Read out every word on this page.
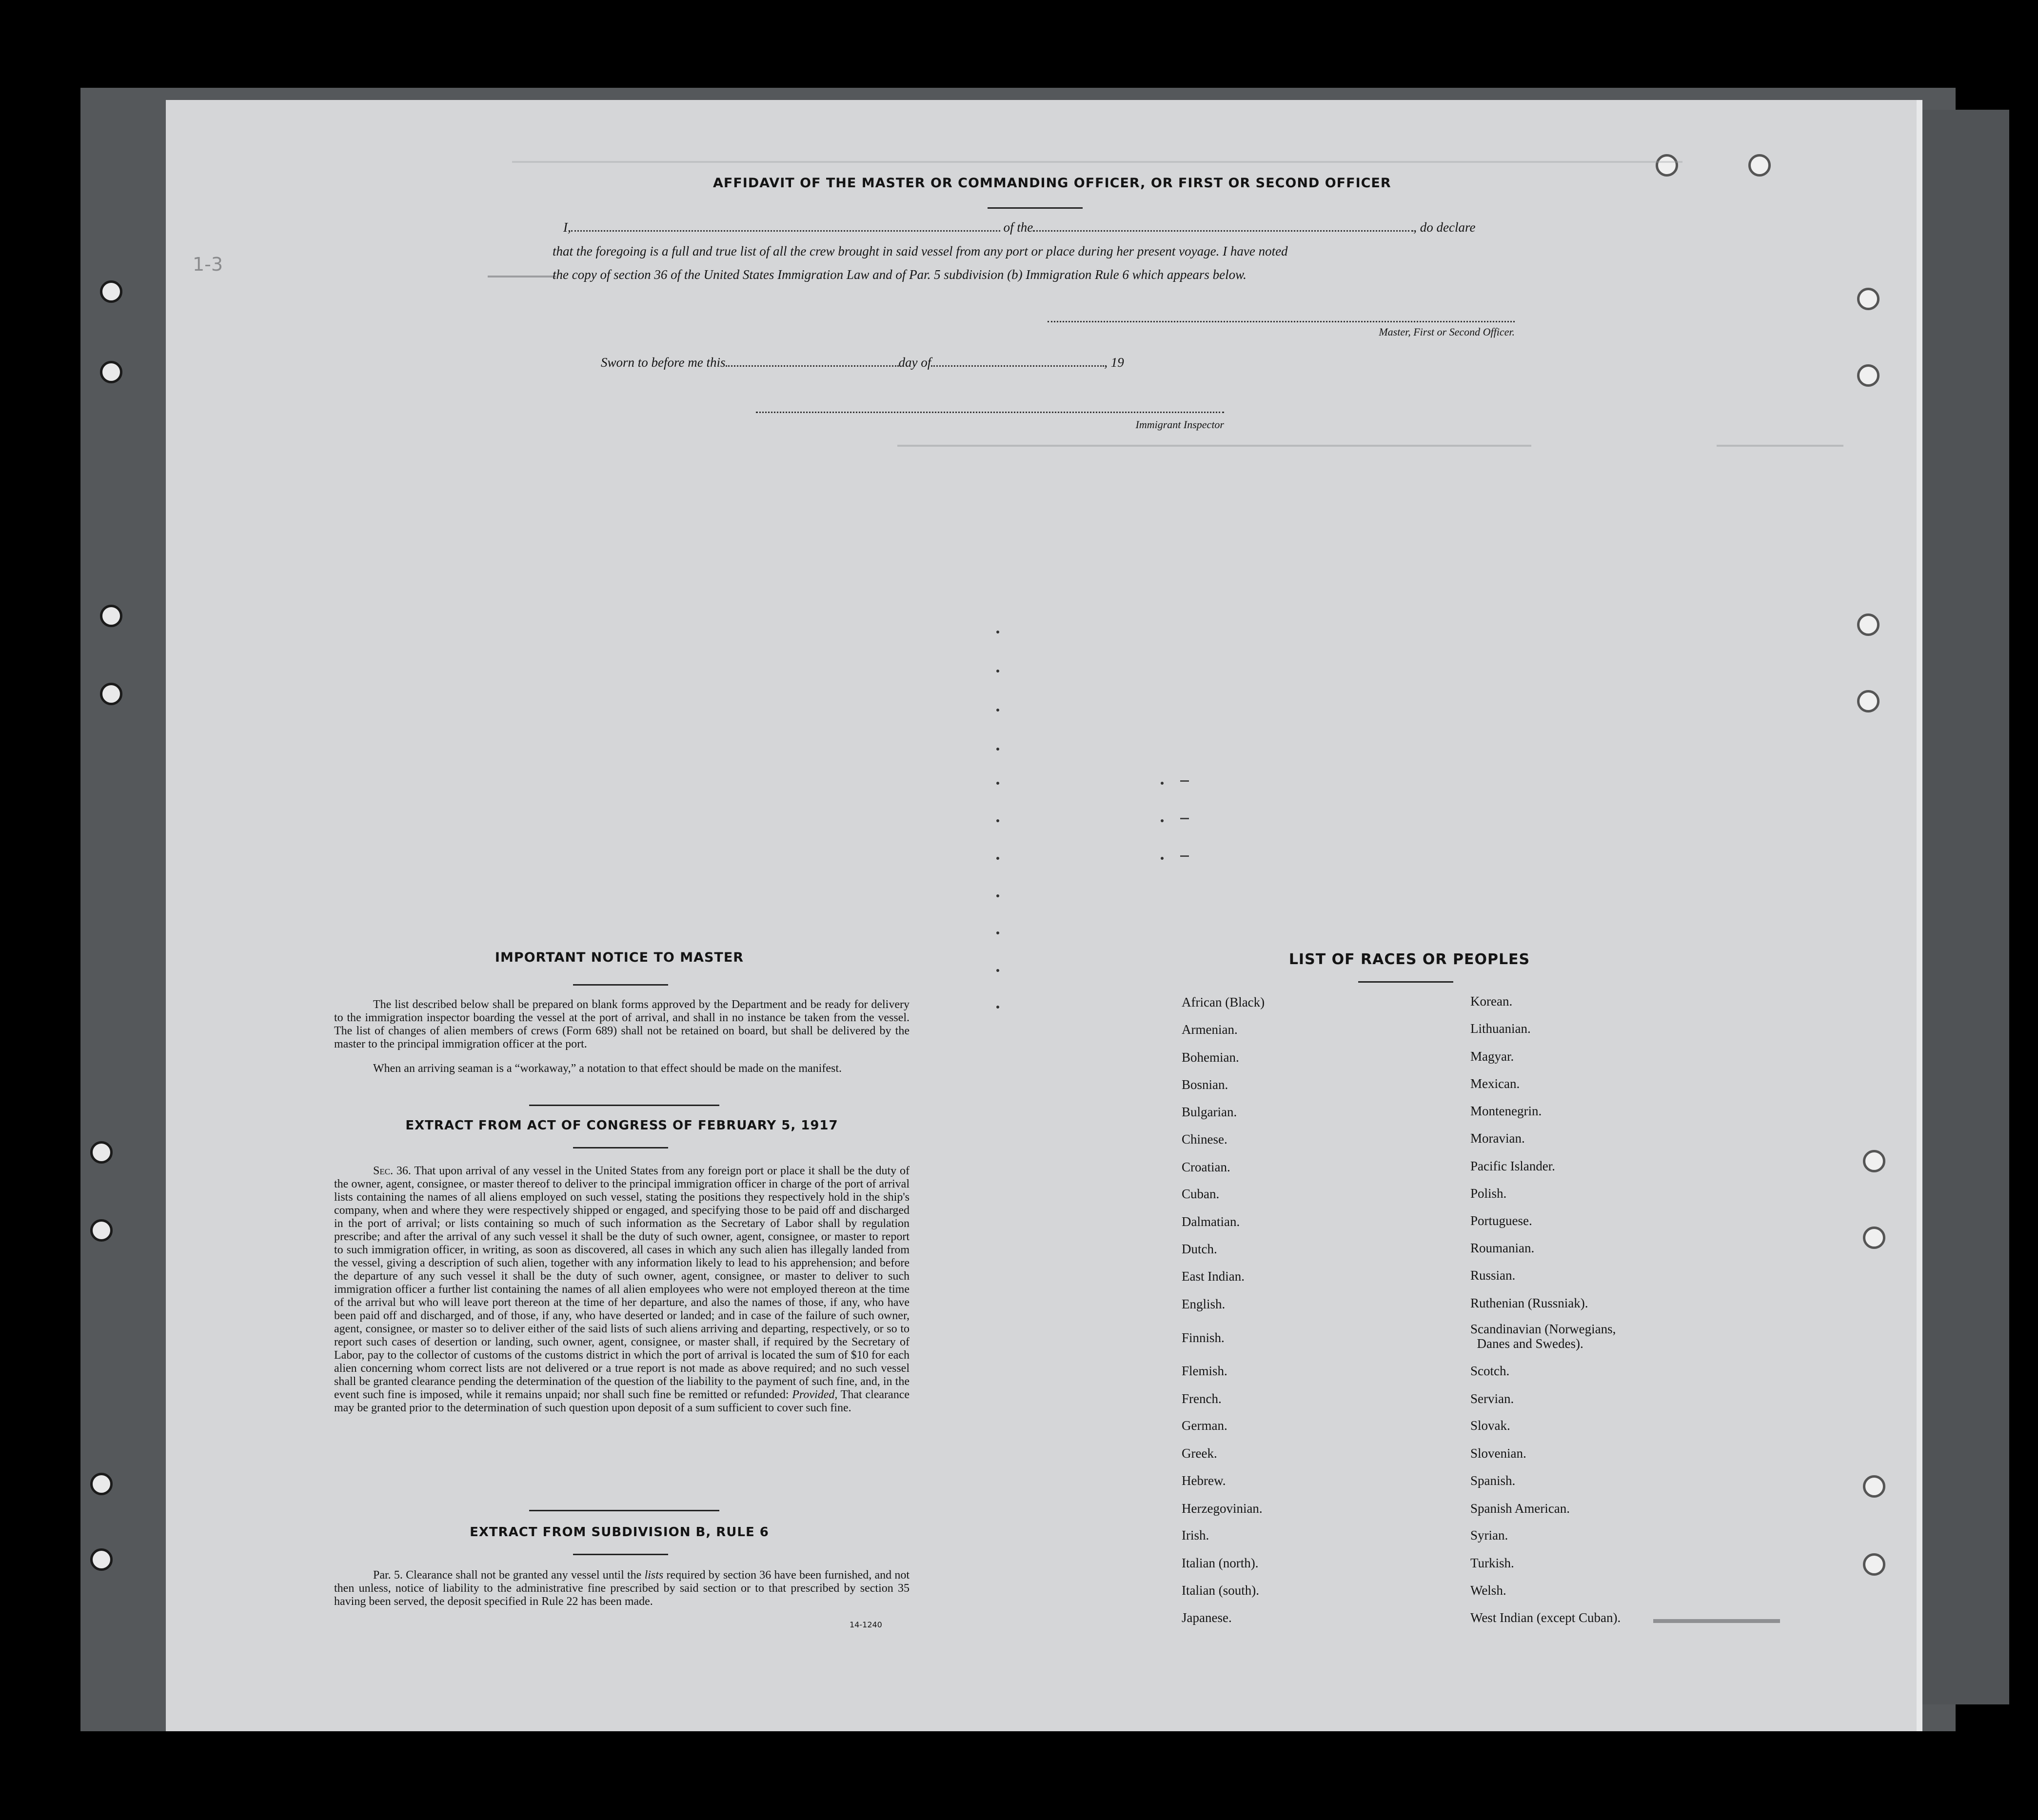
1-3
AFFIDAVIT OF THE MASTER OR COMMANDING OFFICER, OR FIRST OR SECOND OFFICER
I,	of the	, do declare
that the foregoing is a full and true list of all the crew brought in said vessel from any port or place during her present voyage. I have noted
the copy of section 36 of the United States Immigration Law and of Par. 5 subdivision (b) Immigration Rule 6 which appears below.
Master, First or Second Officer.
Sworn to before me this	day of	, 19
Immigrant Inspector
IMPORTANT NOTICE TO MASTER
The list described below shall be prepared on blank forms approved by the Department and be ready for delivery to the immigration inspector boarding the vessel at the port of arrival, and shall in no instance be taken from the vessel. The list of changes of alien members of crews (Form 689) shall not be retained on board, but shall be delivered by the master to the principal immigration officer at the port.
When an arriving seaman is a “workaway,” a notation to that effect should be made on the manifest.
EXTRACT FROM ACT OF CONGRESS OF FEBRUARY 5, 1917
Sec. 36. That upon arrival of any vessel in the United States from any foreign port or place it shall be the duty of the owner, agent, consignee, or master thereof to deliver to the principal immigration officer in charge of the port of arrival lists containing the names of all aliens employed on such vessel, stating the positions they respectively hold in the ship's company, when and where they were respectively shipped or engaged, and specifying those to be paid off and discharged in the port of arrival; or lists containing so much of such information as the Secretary of Labor shall by regulation prescribe; and after the arrival of any such vessel it shall be the duty of such owner, agent, consignee, or master to report to such immigration officer, in writing, as soon as discovered, all cases in which any such alien has illegally landed from the vessel, giving a description of such alien, together with any information likely to lead to his apprehension; and before the departure of any such vessel it shall be the duty of such owner, agent, consignee, or master to deliver to such immigration officer a further list containing the names of all alien employees who were not employed thereon at the time of the arrival but who will leave port thereon at the time of her departure, and also the names of those, if any, who have been paid off and discharged, and of those, if any, who have deserted or landed; and in case of the failure of such owner, agent, consignee, or master so to deliver either of the said lists of such aliens arriving and departing, respectively, or so to report such cases of desertion or landing, such owner, agent, consignee, or master shall, if required by the Secretary of Labor, pay to the collector of customs of the customs district in which the port of arrival is located the sum of $10 for each alien concerning whom correct lists are not delivered or a true report is not made as above required; and no such vessel shall be granted clearance pending the determination of the question of the liability to the payment of such fine, and, in the event such fine is imposed, while it remains unpaid; nor shall such fine be remitted or refunded: Provided, That clearance may be granted prior to the determination of such question upon deposit of a sum sufficient to cover such fine.
EXTRACT FROM SUBDIVISION B, RULE 6
Par. 5. Clearance shall not be granted any vessel until the lists required by section 36 have been furnished, and not then unless, notice of liability to the administrative fine prescribed by said section or to that prescribed by section 35 having been served, the deposit specified in Rule 22 has been made.
14-1240
LIST OF RACES OR PEOPLES
African (Black)
Armenian.
Bohemian.
Bosnian.
Bulgarian.
Chinese.
Croatian.
Cuban.
Dalmatian.
Dutch.
East Indian.
English.
Finnish.
Flemish.
French.
German.
Greek.
Hebrew.
Herzegovinian.
Irish.
Italian (north).
Italian (south).
Japanese.
Korean.
Lithuanian.
Magyar.
Mexican.
Montenegrin.
Moravian.
Pacific Islander.
Polish.
Portuguese.
Roumanian.
Russian.
Ruthenian (Russniak).
Scandinavian (Norwegians,
Danes and Swedes).
Scotch.
Servian.
Slovak.
Slovenian.
Spanish.
Spanish American.
Syrian.
Turkish.
Welsh.
West Indian (except Cuban).
